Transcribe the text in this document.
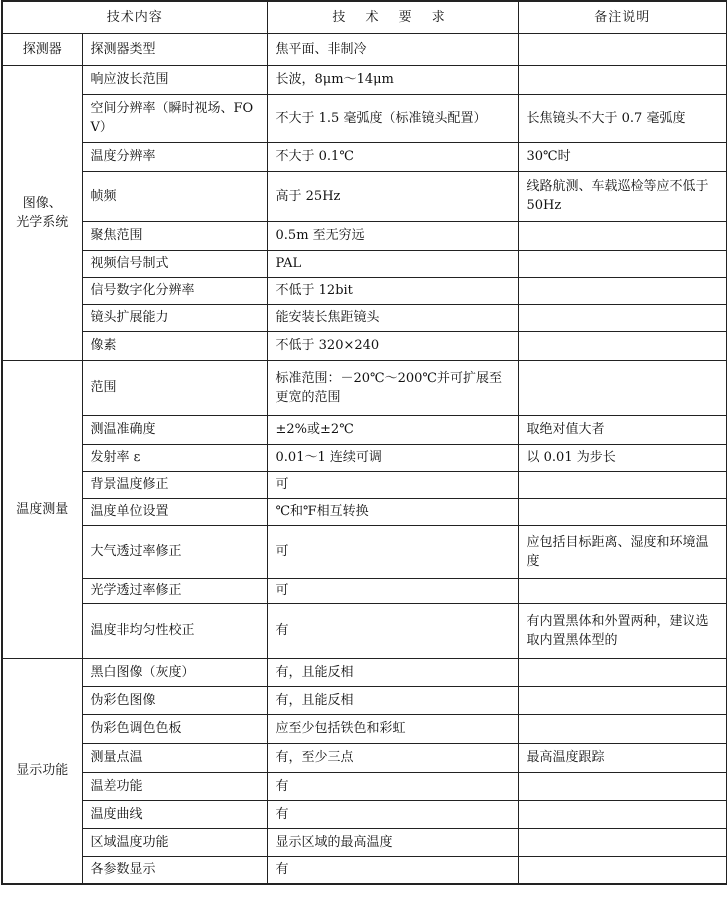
技术内容		技 术 要 求	备注说明
探测器	探测器类型	焦平面、非制冷	
图像、
光学系统	响应波长范围	长波，8μm～14μm	
	空间分辨率（瞬时视场、FOV）	不大于 1.5 毫弧度（标准镜头配置）	长焦镜头不大于 0.7 毫弧度
	温度分辨率	不大于 0.1℃	30℃时
	帧频	高于 25Hz	线路航测、车载巡检等应不低于 50Hz
	聚焦范围	0.5m 至无穷远	
	视频信号制式	PAL	
	信号数字化分辨率	不低于 12bit	
	镜头扩展能力	能安装长焦距镜头	
	像素	不低于 320×240	
温度测量	范围	标准范围：－20℃～200℃并可扩展至更宽的范围	
	测温准确度	±2%或±2℃	取绝对值大者
	发射率 ε	0.01～1 连续可调	以 0.01 为步长
	背景温度修正	可	
	温度单位设置	℃和℉相互转换	
	大气透过率修正	可	应包括目标距离、湿度和环境温度
	光学透过率修正	可	
	温度非均匀性校正	有	有内置黑体和外置两种，建议选取内置黑体型的
显示功能	黑白图像（灰度）	有，且能反相	
	伪彩色图像	有，且能反相	
	伪彩色调色色板	应至少包括铁色和彩虹	
	测量点温	有，至少三点	最高温度跟踪
	温差功能	有	
	温度曲线	有	
	区域温度功能	显示区域的最高温度	
	各参数显示	有	
